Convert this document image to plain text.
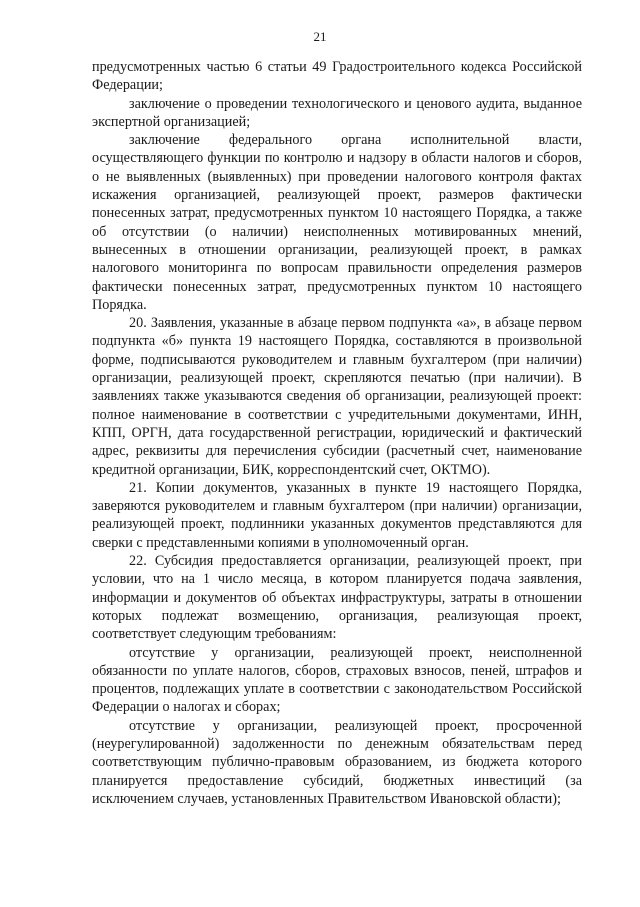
21

предусмотренных частью 6 статьи 49 Градостроительного кодекса Российской Федерации;

заключение о проведении технологического и ценового аудита, выданное экспертной организацией;

заключение федерального органа исполнительной власти, осуществляющего функции по контролю и надзору в области налогов и сборов, о не выявленных (выявленных) при проведении налогового контроля фактах искажения организацией, реализующей проект, размеров фактически понесенных затрат, предусмотренных пунктом 10 настоящего Порядка, а также об отсутствии (о наличии) неисполненных мотивированных мнений, вынесенных в отношении организации, реализующей проект, в рамках налогового мониторинга по вопросам правильности определения размеров фактически понесенных затрат, предусмотренных пунктом 10 настоящего Порядка.

20. Заявления, указанные в абзаце первом подпункта «а», в абзаце первом подпункта «б» пункта 19 настоящего Порядка, составляются в произвольной форме, подписываются руководителем и главным бухгалтером (при наличии) организации, реализующей проект, скрепляются печатью (при наличии). В заявлениях также указываются сведения об организации, реализующей проект: полное наименование в соответствии с учредительными документами, ИНН, КПП, ОРГН, дата государственной регистрации, юридический и фактический адрес, реквизиты для перечисления субсидии (расчетный счет, наименование кредитной организации, БИК, корреспондентский счет, ОКТМО).

21. Копии документов, указанных в пункте 19 настоящего Порядка, заверяются руководителем и главным бухгалтером (при наличии) организации, реализующей проект, подлинники указанных документов представляются для сверки с представленными копиями в уполномоченный орган.

22. Субсидия предоставляется организации, реализующей проект, при условии, что на 1 число месяца, в котором планируется подача заявления, информации и документов об объектах инфраструктуры, затраты в отношении которых подлежат возмещению, организация, реализующая проект, соответствует следующим требованиям:

отсутствие у организации, реализующей проект, неисполненной обязанности по уплате налогов, сборов, страховых взносов, пеней, штрафов и процентов, подлежащих уплате в соответствии с законодательством Российской Федерации о налогах и сборах;

отсутствие у организации, реализующей проект, просроченной (неурегулированной) задолженности по денежным обязательствам перед соответствующим публично-правовым образованием, из бюджета которого планируется предоставление субсидий, бюджетных инвестиций (за исключением случаев, установленных Правительством Ивановской области);
